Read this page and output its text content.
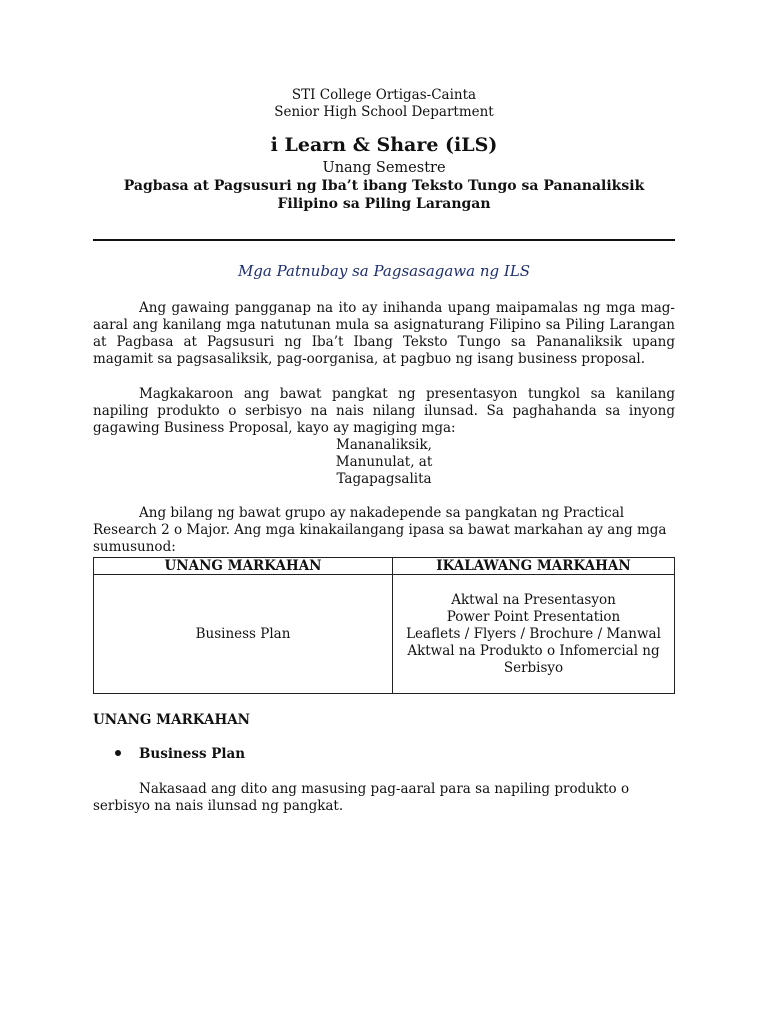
STI College Ortigas-Cainta
Senior High School Department
i Learn & Share (iLS)
Unang Semestre
Pagbasa at Pagsusuri ng Iba’t ibang Teksto Tungo sa Pananaliksik
Filipino sa Piling Larangan
Mga Patnubay sa Pagsasagawa ng ILS

Ang gawaing pangganap na ito ay inihanda upang maipamalas ng mga mag-aaral ang kanilang mga natutunan mula sa asignaturang Filipino sa Piling Larangan at Pagbasa at Pagsusuri ng Iba’t Ibang Teksto Tungo sa Pananaliksik upang magamit sa pagsasaliksik, pag-oorganisa, at pagbuo ng isang business proposal.

Magkakaroon ang bawat pangkat ng presentasyon tungkol sa kanilang napiling produkto o serbisyo na nais nilang ilunsad. Sa paghahanda sa inyong gagawing Business Proposal, kayo ay magiging mga:

Mananaliksik,
Manunulat, at
Tagapagsalita

Ang bilang ng bawat grupo ay nakadepende sa pangkatan ng Practical Research 2 o Major. Ang mga kinakailangang ipasa sa bawat markahan ay ang mga sumusunod:

UNANG MARKAHAN	IKALAWANG MARKAHAN
Business Plan	Aktwal na Presentasyon
Power Point Presentation
Leaflets / Flyers / Brochure / Manwal
Aktwal na Produkto o Infomercial ng
Serbisyo
UNANG MARKAHAN
Business Plan

Nakasaad ang dito ang masusing pag-aaral para sa napiling produkto o serbisyo na nais ilunsad ng pangkat.
